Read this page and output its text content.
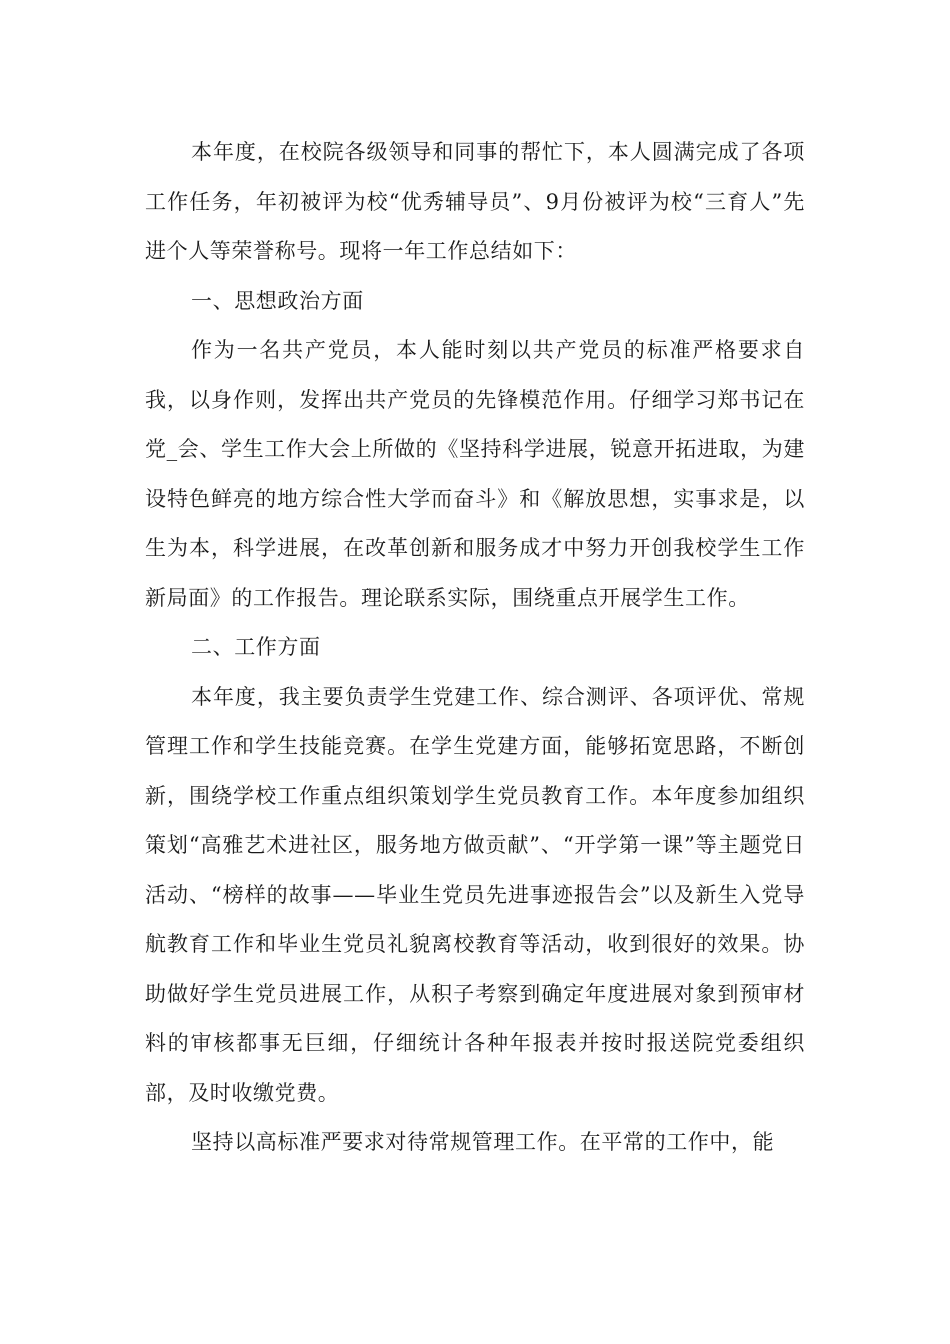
本年度，在校院各级领导和同事的帮忙下，本人圆满完成了各项工作任务，年初被评为校“优秀辅导员”、9月份被评为校“三育人”先进个人等荣誉称号。现将一年工作总结如下：

一、思想政治方面

作为一名共产党员，本人能时刻以共产党员的标准严格要求自我，以身作则，发挥出共产党员的先锋模范作用。仔细学习郑书记在党_会、学生工作大会上所做的《坚持科学进展，锐意开拓进取，为建设特色鲜亮的地方综合性大学而奋斗》和《解放思想，实事求是，以生为本，科学进展，在改革创新和服务成才中努力开创我校学生工作新局面》的工作报告。理论联系实际，围绕重点开展学生工作。

二、工作方面

本年度，我主要负责学生党建工作、综合测评、各项评优、常规管理工作和学生技能竞赛。在学生党建方面，能够拓宽思路，不断创新，围绕学校工作重点组织策划学生党员教育工作。本年度参加组织策划“高雅艺术进社区，服务地方做贡献”、“开学第一课”等主题党日活动、“榜样的故事——毕业生党员先进事迹报告会”以及新生入党导航教育工作和毕业生党员礼貌离校教育等活动，收到很好的效果。协助做好学生党员进展工作，从积子考察到确定年度进展对象到预审材料的审核都事无巨细，仔细统计各种年报表并按时报送院党委组织部，及时收缴党费。

坚持以高标准严要求对待常规管理工作。在平常的工作中，能
